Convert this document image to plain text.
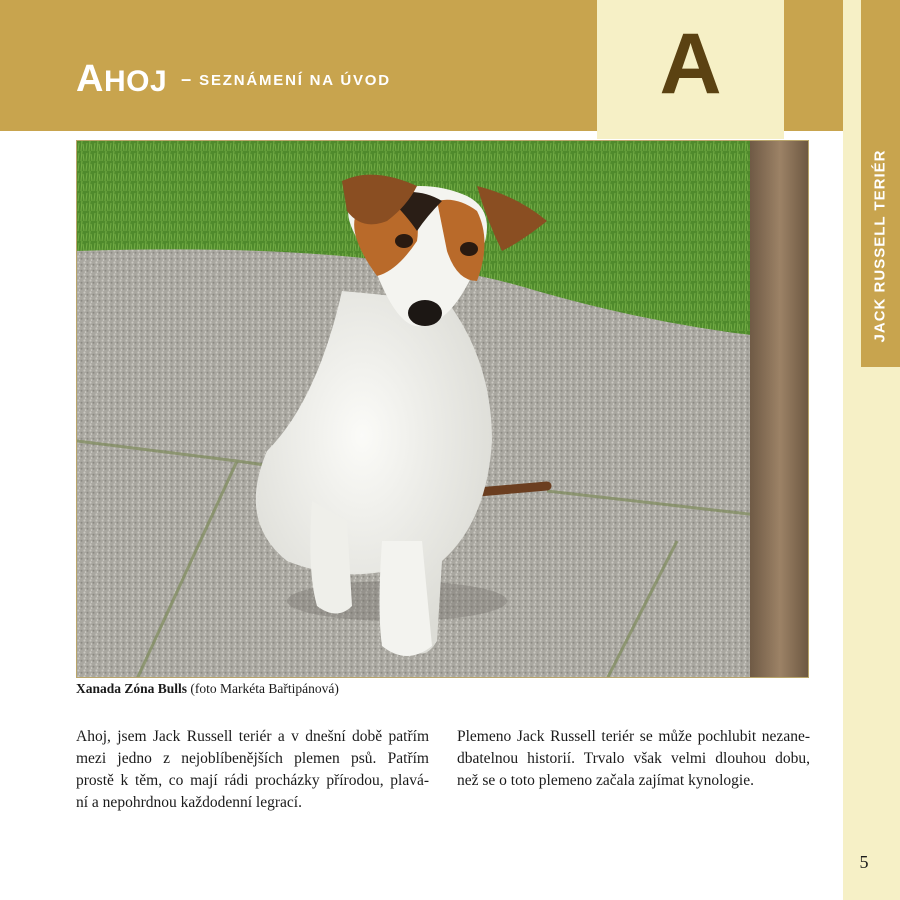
AHOJ – SEZNÁMENÍ NA ÚVOD	A
JACK RUSSELL TERIÉR
5
Xanada Zóna Bulls (foto Markéta Bařtipánová)
Ahoj, jsem Jack Russell teriér a v dnešní době patřím
mezi jedno z nejoblíbenějších plemen psů. Patřím
prostě k těm, co mají rádi procházky přírodou, plavá-
ní a nepohrdnou každodenní legrací.
Plemeno Jack Russell teriér se může pochlubit nezane-
dbatelnou historií. Trvalo však velmi dlouhou dobu,
než se o toto plemeno začala zajímat kynologie.
